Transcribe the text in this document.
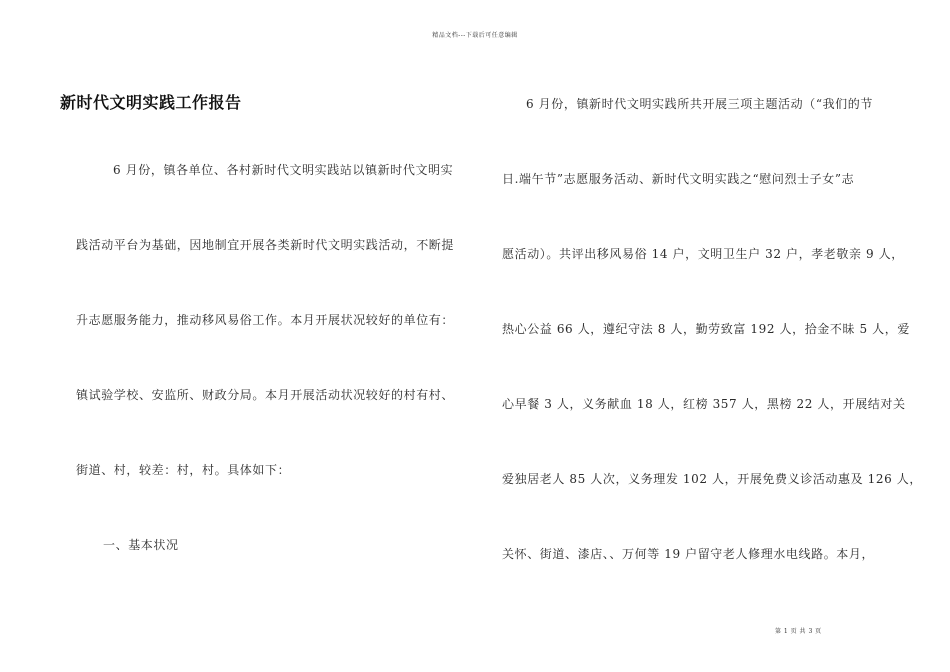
精品文档---下载后可任意编辑
新时代文明实践工作报告
6 月份，镇各单位、各村新时代文明实践站以镇新时代文明实
践活动平台为基础，因地制宜开展各类新时代文明实践活动，不断提
升志愿服务能力，推动移风易俗工作。本月开展状况较好的单位有：
镇试验学校、安监所、财政分局。本月开展活动状况较好的村有村、
街道、村，较差：村，村。具体如下：
一、基本状况
6 月份，镇新时代文明实践所共开展三项主题活动（“我们的节
日.端午节”志愿服务活动、新时代文明实践之“慰问烈士子女”志
愿活动）。共评出移风易俗 14 户，文明卫生户 32 户，孝老敬亲 9 人，
热心公益 66 人，遵纪守法 8 人，勤劳致富 192 人，拾金不昧 5 人，爱
心早餐 3 人，义务献血 18 人，红榜 357 人，黑榜 22 人，开展结对关
爱独居老人 85 人次，义务理发 102 人，开展免费义诊活动惠及 126 人，
关怀、街道、漆店、、万何等 19 户留守老人修理水电线路。本月，
第 1 页 共 3 页
